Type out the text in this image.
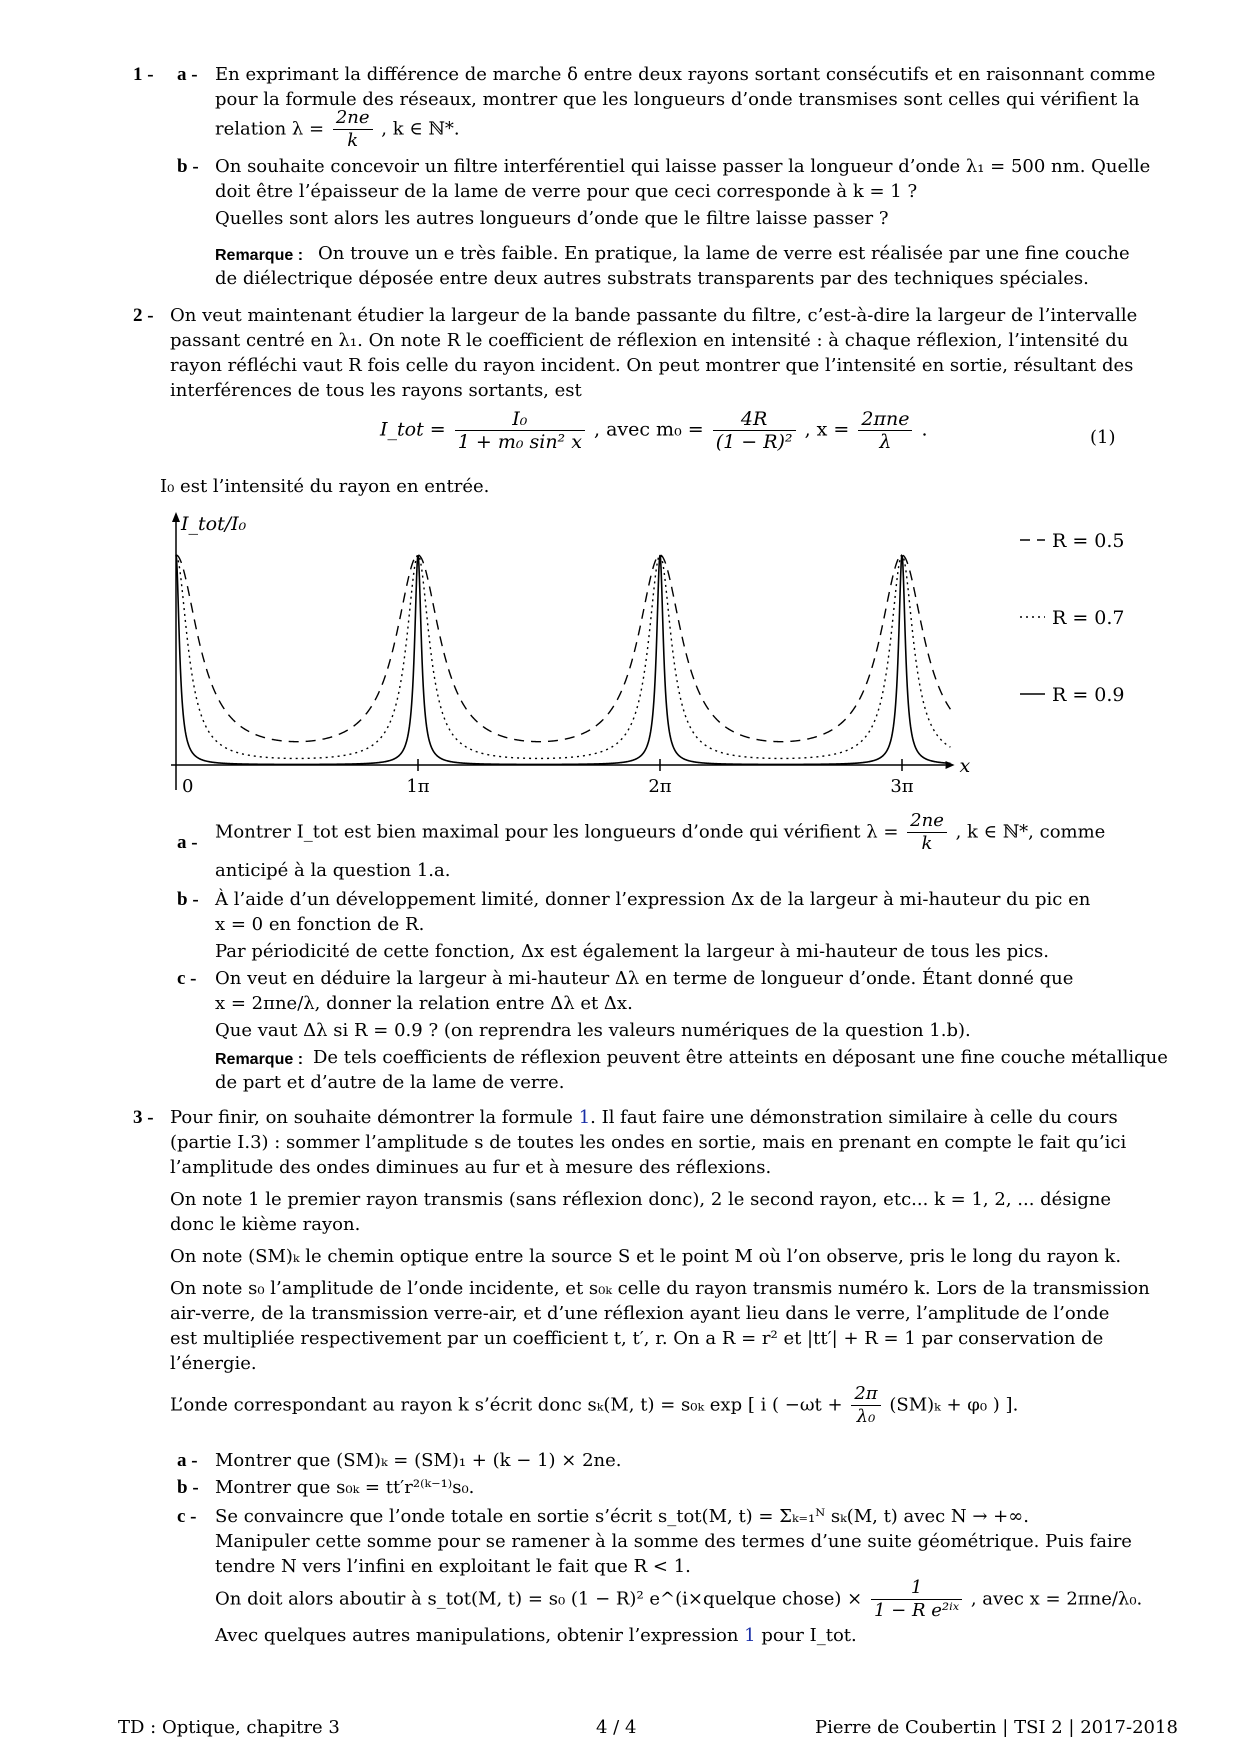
1 - a - En exprimant la différence de marche δ entre deux rayons sortant consécutifs et en raisonnant comme
pour la formule des réseaux, montrer que les longueurs d’onde transmises sont celles qui vérifient la
relation $\lambda = \frac{2ne}{k}$ , k ∈ ℕ*.
b - On souhaite concevoir un filtre interférentiel qui laisse passer la longueur d’onde λ₁ = 500 nm. Quelle
doit être l’épaisseur de la lame de verre pour que ceci corresponde à k = 1 ?
Quelles sont alors les autres longueurs d’onde que le filtre laisse passer ?
Remarque : On trouve un e très faible. En pratique, la lame de verre est réalisée par une fine couche
de diélectrique déposée entre deux autres substrats transparents par des techniques spéciales.
2 - On veut maintenant étudier la largeur de la bande passante du filtre, c’est-à-dire la largeur de l’intervalle
passant centré en λ₁. On note R le coefficient de réflexion en intensité : à chaque réflexion, l’intensité du
rayon réfléchi vaut R fois celle du rayon incident. On peut montrer que l’intensité en sortie, résultant des
interférences de tous les rayons sortants, est
I_tot = $\frac{\text{I₀}}{\text{1 + m₀ sin² x}}$ , avec $m_0 = \frac{4R}{\text{(1 − R)²}}$ , $x = \frac{\text{2πne}}{\lambda}$ .	(1)
I₀ est l’intensité du rayon en entrée.
I_tot/I₀
x
0	1π	2π	3π
R = 0.5
R = 0.7
R = 0.9
a - Montrer I_tot est bien maximal pour les longueurs d’onde qui vérifient $\lambda = \frac{2ne}{k}$ , k ∈ ℕ*, comme
anticipé à la question 1.a.
b - À l’aide d’un développement limité, donner l’expression Δx de la largeur à mi-hauteur du pic en
x = 0 en fonction de R.
Par périodicité de cette fonction, Δx est également la largeur à mi-hauteur de tous les pics.
c - On veut en déduire la largeur à mi-hauteur Δλ en terme de longueur d’onde. Étant donné que
x = 2πne/λ, donner la relation entre Δλ et Δx.
Que vaut Δλ si R = 0.9 ? (on reprendra les valeurs numériques de la question 1.b).
Remarque : De tels coefficients de réflexion peuvent être atteints en déposant une fine couche métallique
de part et d’autre de la lame de verre.
3 - Pour finir, on souhaite démontrer la formule 1. Il faut faire une démonstration similaire à celle du cours
(partie I.3) : sommer l’amplitude s de toutes les ondes en sortie, mais en prenant en compte le fait qu’ici
l’amplitude des ondes diminues au fur et à mesure des réflexions.
On note 1 le premier rayon transmis (sans réflexion donc), 2 le second rayon, etc... k = 1, 2, ... désigne
donc le kième rayon.
On note (SM)ₖ le chemin optique entre la source S et le point M où l’on observe, pris le long du rayon k.
On note s₀ l’amplitude de l’onde incidente, et s₀ₖ celle du rayon transmis numéro k. Lors de la transmission
air-verre, de la transmission verre-air, et d’une réflexion ayant lieu dans le verre, l’amplitude de l’onde
est multipliée respectivement par un coefficient t, t′, r. On a R = r² et |tt′| + R = 1 par conservation de
l’énergie.
L’onde correspondant au rayon k s’écrit donc sₖ(M, t) = s₀ₖ exp [ i ( $-\omega t + \frac{2\pi}{\text{λ₀}} (SM)_k + \varphi_0$ ) ].
a - Montrer que (SM)ₖ = (SM)₁ + (k − 1) × 2ne.
b - Montrer que s₀ₖ = tt′r²⁽ᵏ⁻¹⁾s₀.
c - Se convaincre que l’onde totale en sortie s’écrit s_tot(M, t) = Σₖ₌₁ᴺ sₖ(M, t) avec N → +∞.
Manipuler cette somme pour se ramener à la somme des termes d’une suite géométrique. Puis faire
tendre N vers l’infini en exploitant le fait que R < 1.
On doit alors aboutir à s_tot(M, t) = s₀ (1 − R)² e^(i×quelque chose) × $\frac{1}{\text{1 − R e²ⁱˣ}}$ , avec x = 2πne/λ₀.
Avec quelques autres manipulations, obtenir l’expression 1 pour I_tot.
TD : Optique, chapitre 3	4 / 4	Pierre de Coubertin | TSI 2 | 2017-2018
